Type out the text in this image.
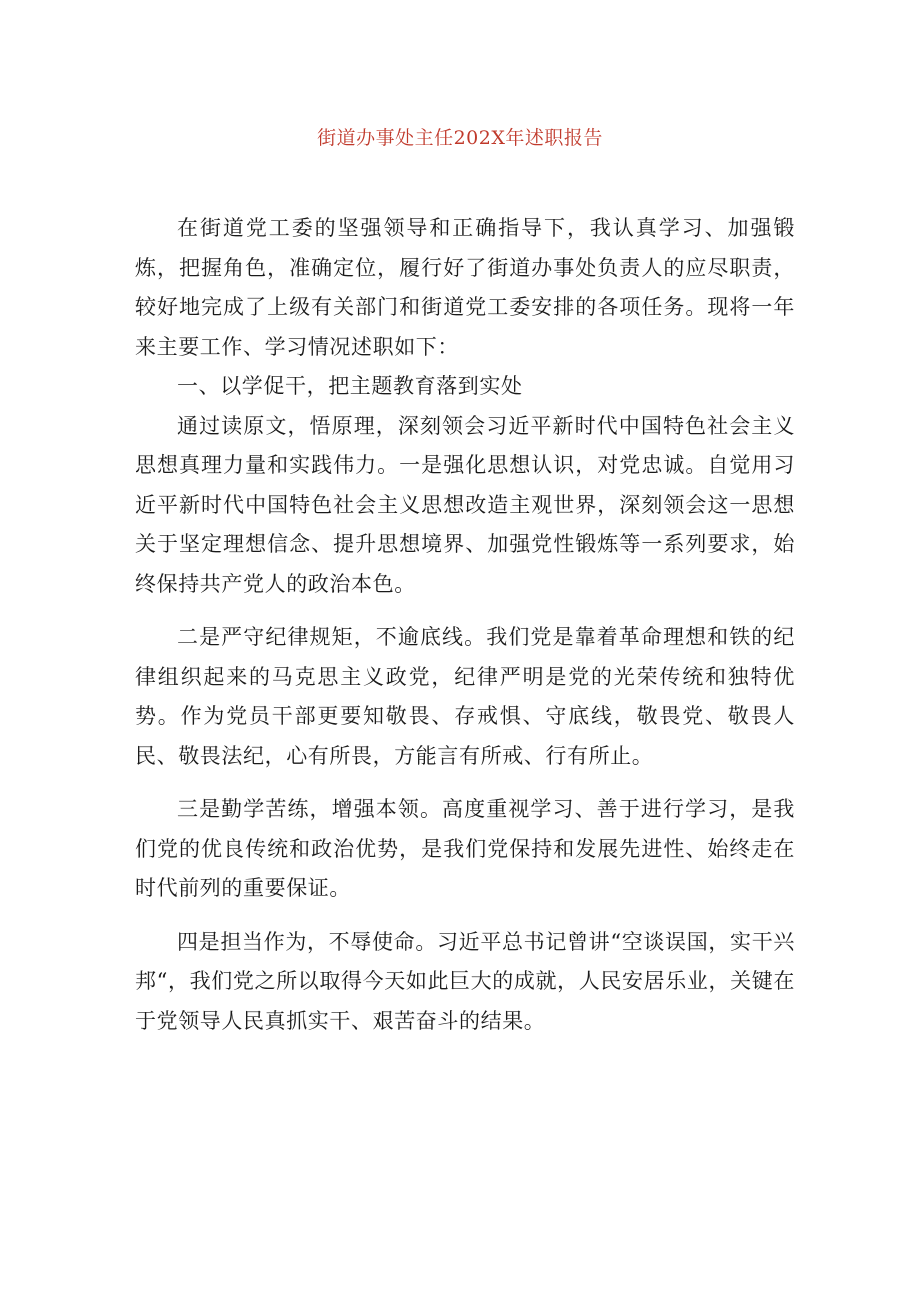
街道办事处主任202X年述职报告

在街道党工委的坚强领导和正确指导下，我认真学习、加强锻炼，把握角色，准确定位，履行好了街道办事处负责人的应尽职责，较好地完成了上级有关部门和街道党工委安排的各项任务。现将一年来主要工作、学习情况述职如下：

一、以学促干，把主题教育落到实处

通过读原文，悟原理，深刻领会习近平新时代中国特色社会主义思想真理力量和实践伟力。一是强化思想认识，对党忠诚。自觉用习近平新时代中国特色社会主义思想改造主观世界，深刻领会这一思想关于坚定理想信念、提升思想境界、加强党性锻炼等一系列要求，始终保持共产党人的政治本色。

二是严守纪律规矩，不逾底线。我们党是靠着革命理想和铁的纪律组织起来的马克思主义政党，纪律严明是党的光荣传统和独特优势。作为党员干部更要知敬畏、存戒惧、守底线，敬畏党、敬畏人民、敬畏法纪，心有所畏，方能言有所戒、行有所止。

三是勤学苦练，增强本领。高度重视学习、善于进行学习，是我们党的优良传统和政治优势，是我们党保持和发展先进性、始终走在时代前列的重要保证。

四是担当作为，不辱使命。习近平总书记曾讲“空谈误国，实干兴邦“，我们党之所以取得今天如此巨大的成就，人民安居乐业，关键在于党领导人民真抓实干、艰苦奋斗的结果。
